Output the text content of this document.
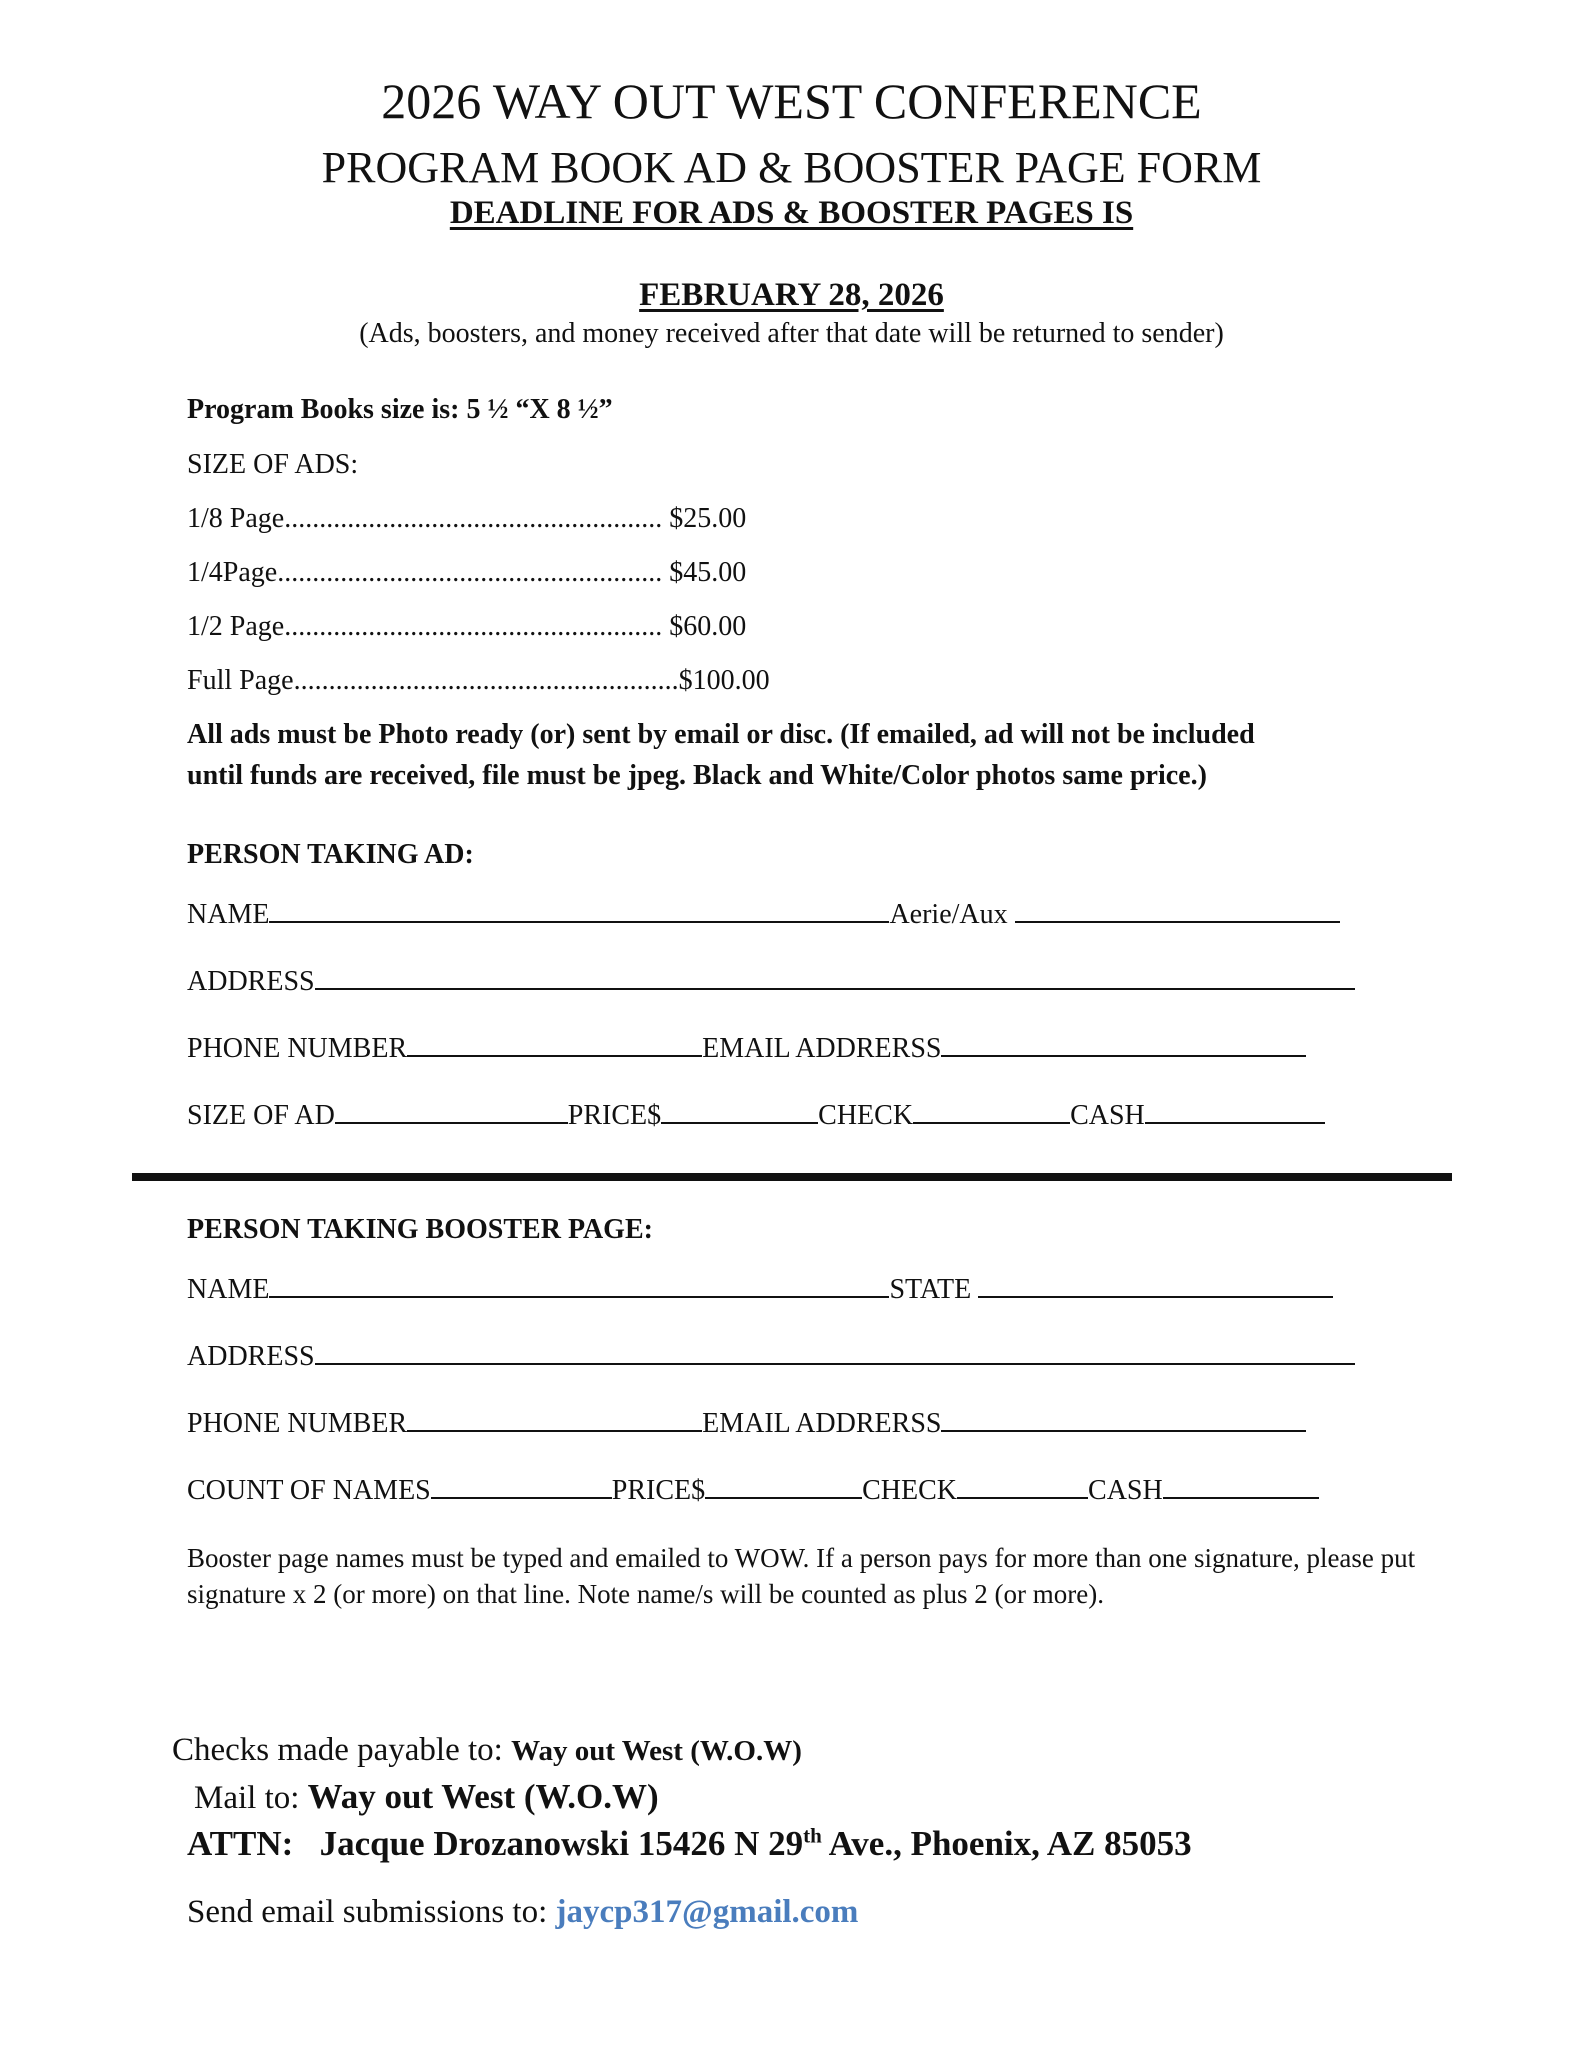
2026 WAY OUT WEST CONFERENCE
PROGRAM BOOK AD & BOOSTER PAGE FORM
DEADLINE FOR ADS & BOOSTER PAGES IS
FEBRUARY 28, 2026
(Ads, boosters, and money received after that date will be returned to sender)
Program Books size is: 5 ½ “X 8 ½”
SIZE OF ADS:
1/8 Page...................................................... $25.00
1/4Page....................................................... $45.00
1/2 Page...................................................... $60.00
Full Page.......................................................$100.00
All ads must be Photo ready (or) sent by email or disc. (If emailed, ad will not be included
until funds are received, file must be jpeg. Black and White/Color photos same price.)
PERSON TAKING AD:
NAME	Aerie/Aux
ADDRESS
PHONE NUMBER	EMAIL ADDRERSS
SIZE OF AD	PRICE$	CHECK	CASH
PERSON TAKING BOOSTER PAGE:
NAME	STATE
ADDRESS
PHONE NUMBER	EMAIL ADDRERSS
COUNT OF NAMES	PRICE$	CHECK	CASH
Booster page names must be typed and emailed to WOW. If a person pays for more than one signature, please put signature x 2 (or more) on that line. Note name/s will be counted as plus 2 (or more).
Checks made payable to: Way out West (W.O.W)
Mail to: Way out West (W.O.W)
ATTN: Jacque Drozanowski 15426 N 29th Ave., Phoenix, AZ 85053
Send email submissions to: jaycp317@gmail.com
